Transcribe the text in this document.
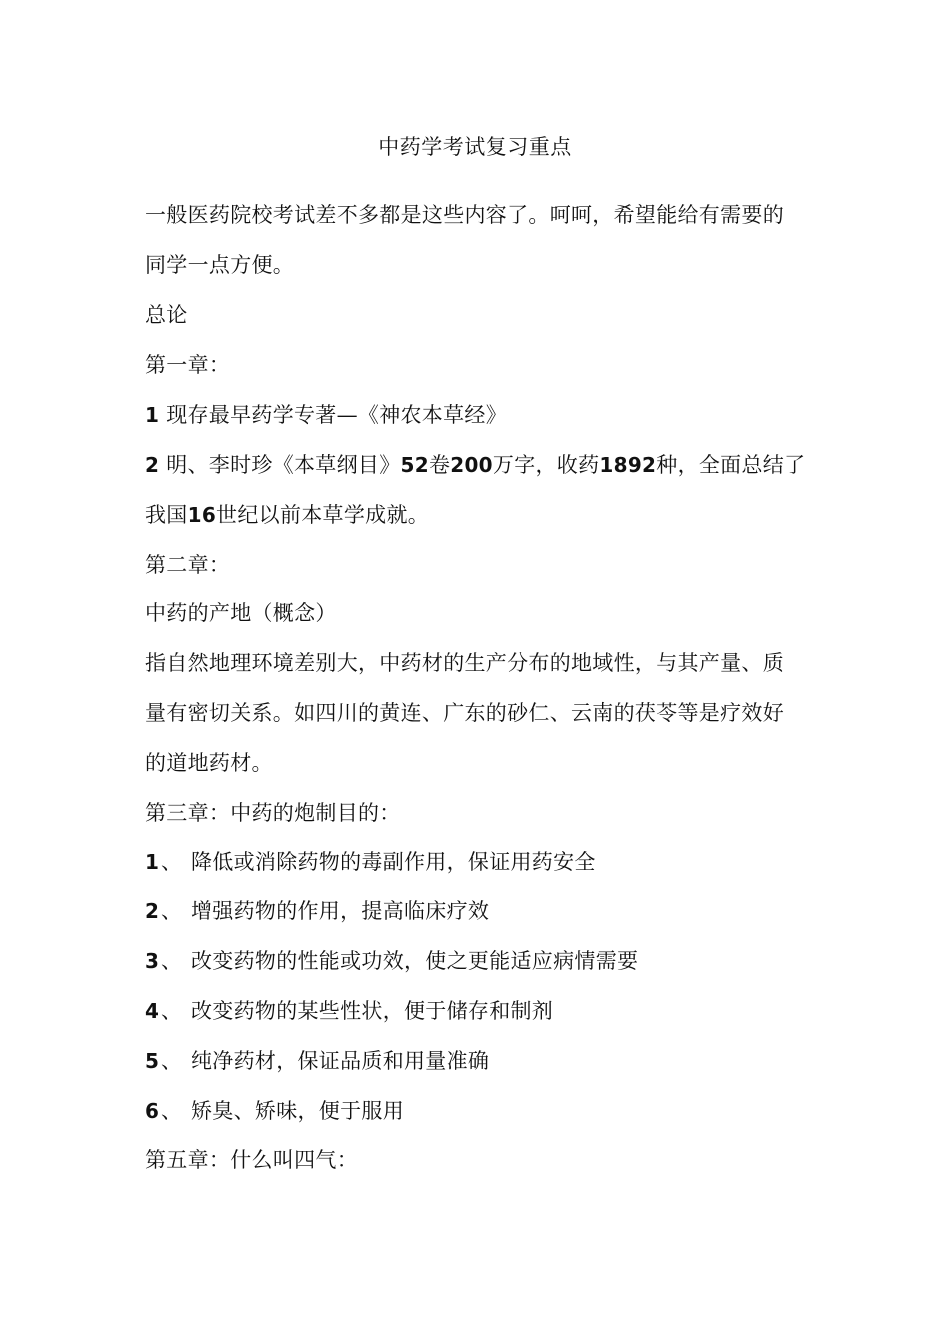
中药学考试复习重点
一般医药院校考试差不多都是这些内容了。呵呵，希望能给有需要的
同学一点方便。
总论
第一章：
1 现存最早药学专著—《神农本草经》
2 明、李时珍《本草纲目》52卷200万字，收药1892种，全面总结了
我国16世纪以前本草学成就。
第二章：
中药的产地（概念）
指自然地理环境差别大，中药材的生产分布的地域性，与其产量、质
量有密切关系。如四川的黄连、广东的砂仁、云南的茯苓等是疗效好
的道地药材。
第三章：中药的炮制目的：
1、 降低或消除药物的毒副作用，保证用药安全
2、 增强药物的作用，提高临床疗效
3、 改变药物的性能或功效，使之更能适应病情需要
4、 改变药物的某些性状，便于储存和制剂
5、 纯净药材，保证品质和用量准确
6、 矫臭、矫味，便于服用
第五章：什么叫四气：
